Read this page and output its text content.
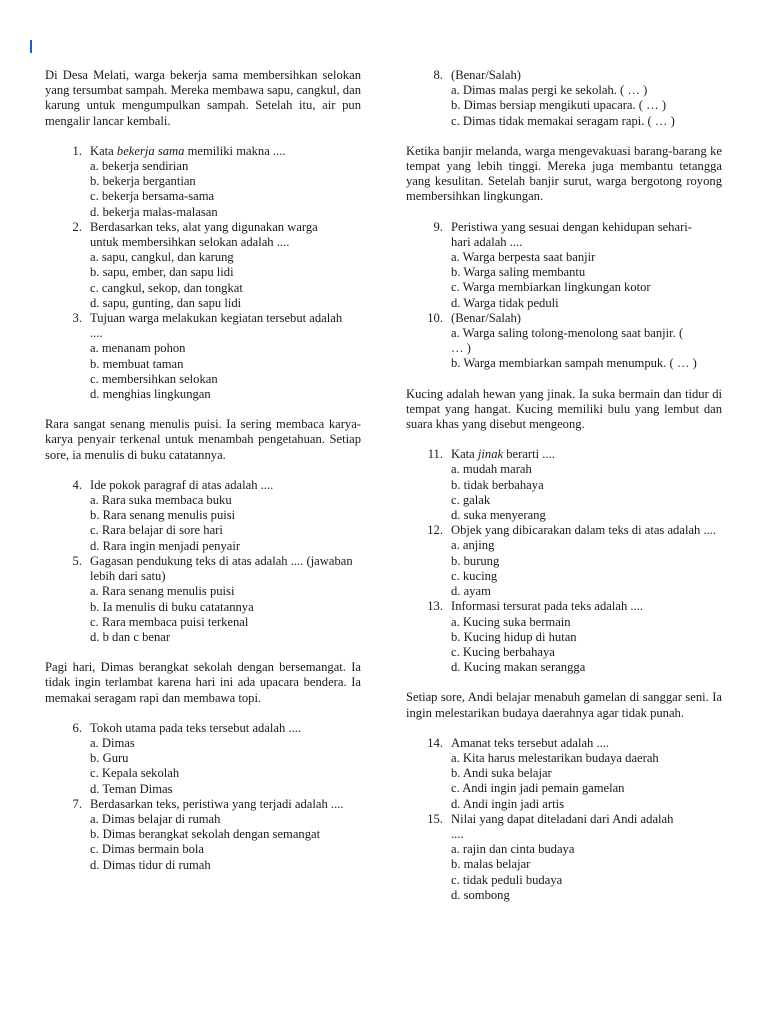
Di Desa Melati, warga bekerja sama membersihkan selokan yang tersumbat sampah. Mereka membawa sapu, cangkul, dan karung untuk mengumpulkan sampah. Setelah itu, air pun mengalir lancar kembali.

1. Kata bekerja sama memiliki makna ....
a. bekerja sendirian
b. bekerja bergantian
c. bekerja bersama-sama
d. bekerja malas-malasan
2. Berdasarkan teks, alat yang digunakan warga untuk membersihkan selokan adalah ....
a. sapu, cangkul, dan karung
b. sapu, ember, dan sapu lidi
c. cangkul, sekop, dan tongkat
d. sapu, gunting, dan sapu lidi
3. Tujuan warga melakukan kegiatan tersebut adalah ....
a. menanam pohon
b. membuat taman
c. membersihkan selokan
d. menghias lingkungan

Rara sangat senang menulis puisi. Ia sering membaca karya-karya penyair terkenal untuk menambah pengetahuan. Setiap sore, ia menulis di buku catatannya.

4. Ide pokok paragraf di atas adalah ....
a. Rara suka membaca buku
b. Rara senang menulis puisi
c. Rara belajar di sore hari
d. Rara ingin menjadi penyair
5. Gagasan pendukung teks di atas adalah .... (jawaban lebih dari satu)
a. Rara senang menulis puisi
b. Ia menulis di buku catatannya
c. Rara membaca puisi terkenal
d. b dan c benar

Pagi hari, Dimas berangkat sekolah dengan bersemangat. Ia tidak ingin terlambat karena hari ini ada upacara bendera. Ia memakai seragam rapi dan membawa topi.

6. Tokoh utama pada teks tersebut adalah ....
a. Dimas
b. Guru
c. Kepala sekolah
d. Teman Dimas
7. Berdasarkan teks, peristiwa yang terjadi adalah ....
a. Dimas belajar di rumah
b. Dimas berangkat sekolah dengan semangat
c. Dimas bermain bola
d. Dimas tidur di rumah
8. (Benar/Salah)
a. Dimas malas pergi ke sekolah. ( … )
b. Dimas bersiap mengikuti upacara. ( … )
c. Dimas tidak memakai seragam rapi. ( … )

Ketika banjir melanda, warga mengevakuasi barang-barang ke tempat yang lebih tinggi. Mereka juga membantu tetangga yang kesulitan. Setelah banjir surut, warga bergotong royong membersihkan lingkungan.

9. Peristiwa yang sesuai dengan kehidupan sehari-hari adalah ....
a. Warga berpesta saat banjir
b. Warga saling membantu
c. Warga membiarkan lingkungan kotor
d. Warga tidak peduli
10. (Benar/Salah)
a. Warga saling tolong-menolong saat banjir. ( … )
b. Warga membiarkan sampah menumpuk. ( … )

Kucing adalah hewan yang jinak. Ia suka bermain dan tidur di tempat yang hangat. Kucing memiliki bulu yang lembut dan suara khas yang disebut mengeong.

11. Kata jinak berarti ....
a. mudah marah
b. tidak berbahaya
c. galak
d. suka menyerang
12. Objek yang dibicarakan dalam teks di atas adalah ....
a. anjing
b. burung
c. kucing
d. ayam
13. Informasi tersurat pada teks adalah ....
a. Kucing suka bermain
b. Kucing hidup di hutan
c. Kucing berbahaya
d. Kucing makan serangga

Setiap sore, Andi belajar menabuh gamelan di sanggar seni. Ia ingin melestarikan budaya daerahnya agar tidak punah.

14. Amanat teks tersebut adalah ....
a. Kita harus melestarikan budaya daerah
b. Andi suka belajar
c. Andi ingin jadi pemain gamelan
d. Andi ingin jadi artis
15. Nilai yang dapat diteladani dari Andi adalah ....
a. rajin dan cinta budaya
b. malas belajar
c. tidak peduli budaya
d. sombong
